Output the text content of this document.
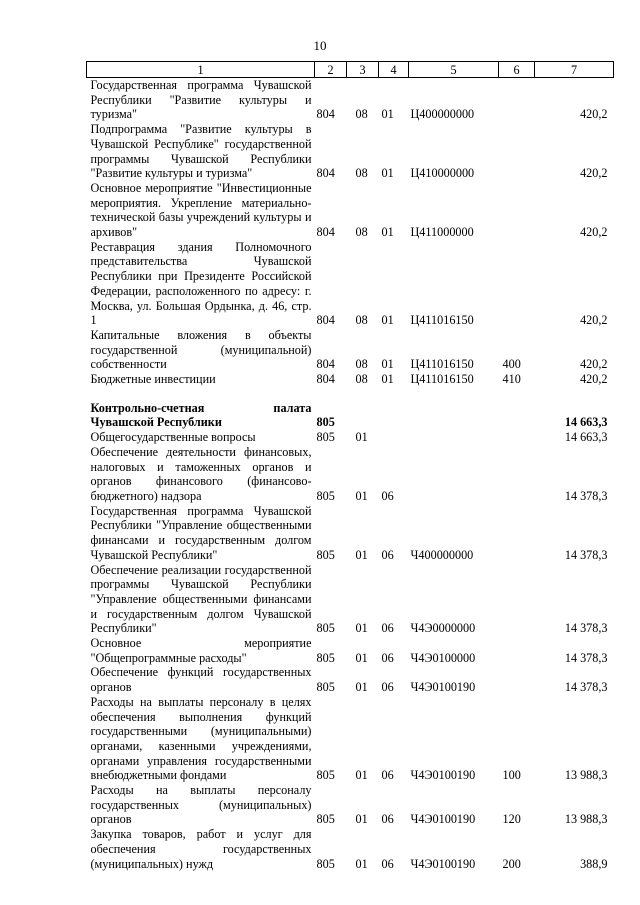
10
1	2	3	4	5	6	7
Государственная программа Чувашской Республики "Развитие культуры и туризма"	804	08	01	Ц400000000		420,2
Подпрограмма "Развитие культуры в Чувашской Республике" государственной программы Чувашской Республики "Развитие культуры и туризма"	804	08	01	Ц410000000		420,2
Основное мероприятие "Инвестиционные мероприятия. Укрепление материально-технической базы учреждений культуры и архивов"	804	08	01	Ц411000000		420,2
Реставрация здания Полномочного представительства Чувашской Республики при Президенте Российской Федерации, расположенного по адресу: г. Москва, ул. Большая Ордынка, д. 46, стр. 1	804	08	01	Ц411016150		420,2
Капитальные вложения в объекты государственной (муниципальной) собственности	804	08	01	Ц411016150	400	420,2
Бюджетные инвестиции	804	08	01	Ц411016150	410	420,2

Контрольно-счетная палата Чувашской Республики	805					14 663,3
Общегосударственные вопросы	805	01				14 663,3
Обеспечение деятельности финансовых, налоговых и таможенных органов и органов финансового (финансово-бюджетного) надзора	805	01	06			14 378,3
Государственная программа Чувашской Республики "Управление общественными финансами и государственным долгом Чувашской Республики"	805	01	06	Ч400000000		14 378,3
Обеспечение реализации государственной программы Чувашской Республики "Управление общественными финансами и государственным долгом Чувашской Республики"	805	01	06	Ч4Э0000000		14 378,3
Основное мероприятие "Общепрограммные расходы"	805	01	06	Ч4Э0100000		14 378,3
Обеспечение функций государственных органов	805	01	06	Ч4Э0100190		14 378,3
Расходы на выплаты персоналу в целях обеспечения выполнения функций государственными (муниципальными) органами, казенными учреждениями, органами управления государственными внебюджетными фондами	805	01	06	Ч4Э0100190	100	13 988,3
Расходы на выплаты персоналу государственных (муниципальных) органов	805	01	06	Ч4Э0100190	120	13 988,3
Закупка товаров, работ и услуг для обеспечения государственных (муниципальных) нужд	805	01	06	Ч4Э0100190	200	388,9
